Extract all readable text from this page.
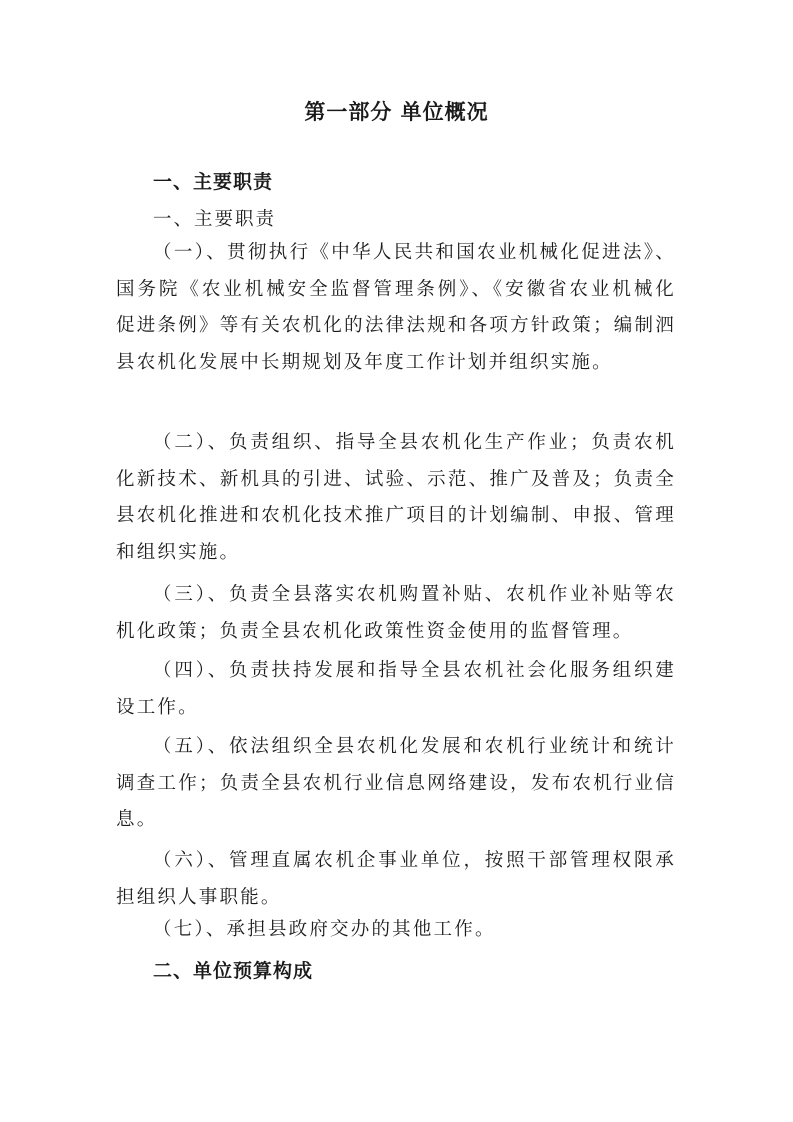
第一部分 单位概况
一、主要职责
一、主要职责

（一）、贯彻执行《中华人民共和国农业机械化促进法》、国务院《农业机械安全监督管理条例》、《安徽省农业机械化促进条例》等有关农机化的法律法规和各项方针政策；编制泗县农机化发展中长期规划及年度工作计划并组织实施。

（二）、负责组织、指导全县农机化生产作业；负责农机化新技术、新机具的引进、试验、示范、推广及普及；负责全县农机化推进和农机化技术推广项目的计划编制、申报、管理和组织实施。

（三）、负责全县落实农机购置补贴、农机作业补贴等农机化政策；负责全县农机化政策性资金使用的监督管理。

（四）、负责扶持发展和指导全县农机社会化服务组织建设工作。

（五）、依法组织全县农机化发展和农机行业统计和统计调查工作；负责全县农机行业信息网络建设，发布农机行业信息。

（六）、管理直属农机企事业单位，按照干部管理权限承担组织人事职能。

（七）、承担县政府交办的其他工作。

二、单位预算构成
